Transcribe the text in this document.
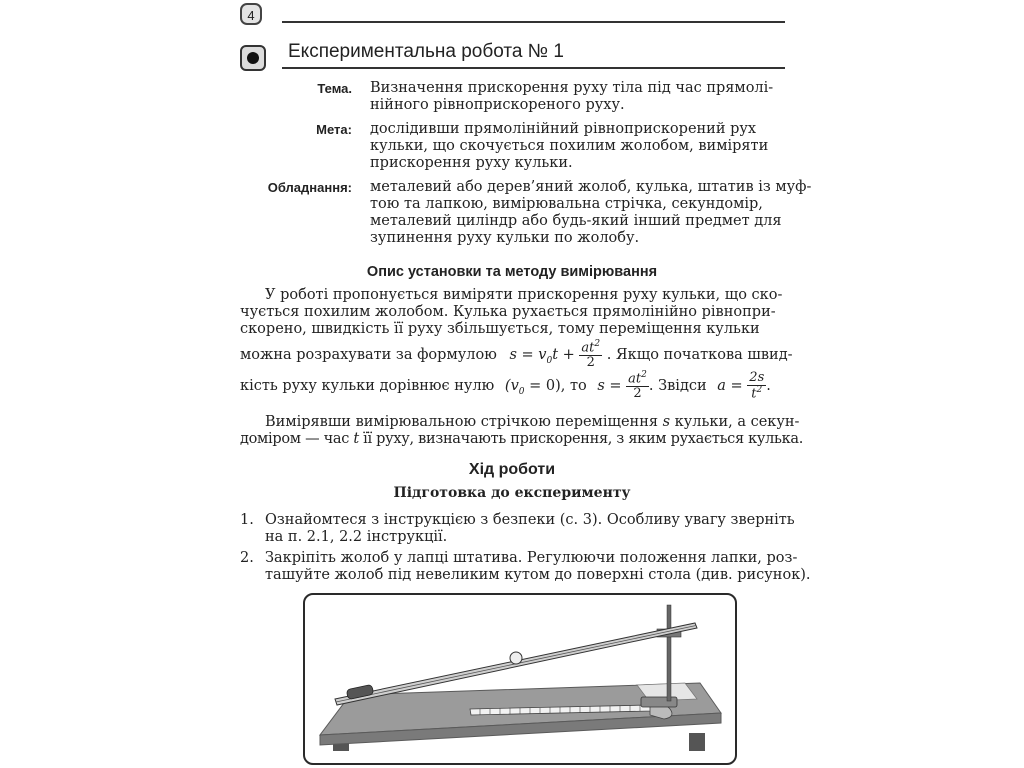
4
Експериментальна робота № 1
Тема. Визначення прискорення руху тіла під час прямолі-
нійного рівноприскореного руху.
Мета: дослідивши прямолінійний рівноприскорений рух
кульки, що скочується похилим жолобом, виміряти
прискорення руху кульки.
Обладнання: металевий або дерев’яний жолоб, кулька, штатив із муф-
тою та лапкою, вимірювальна стрічка, секундомір,
металевий циліндр або будь-який інший предмет для
зупинення руху кульки по жолобу.
Опис установки та методу вимірювання
У роботі пропонується виміряти прискорення руху кульки, що ско-
чується похилим жолобом. Кулька рухається прямолінійно рівнопри-
скорено, швидкість її руху збільшується, тому переміщення кульки
можна розрахувати за формулою $s = v_0t + \frac{at^2}{2}$ . Якщо початкова швид-
кість руху кульки дорівнює нулю $(v_0 = 0)$, то $s = \frac{at^2}{2}$ . Звідси $a = \frac{2s}{t^2}$ .
Вимірявши вимірювальною стрічкою переміщення s кульки, а секун-
доміром — час t її руху, визначають прискорення, з яким рухається кулька.
Хід роботи
Підготовка до експерименту
1. Ознайомтеся з інструкцією з безпеки (с. 3). Особливу увагу зверніть
на п. 2.1, 2.2 інструкції.
2. Закріпіть жолоб у лапці штатива. Регулюючи положення лапки, роз-
ташуйте жолоб під невеликим кутом до поверхні стола (див. рисунок).
